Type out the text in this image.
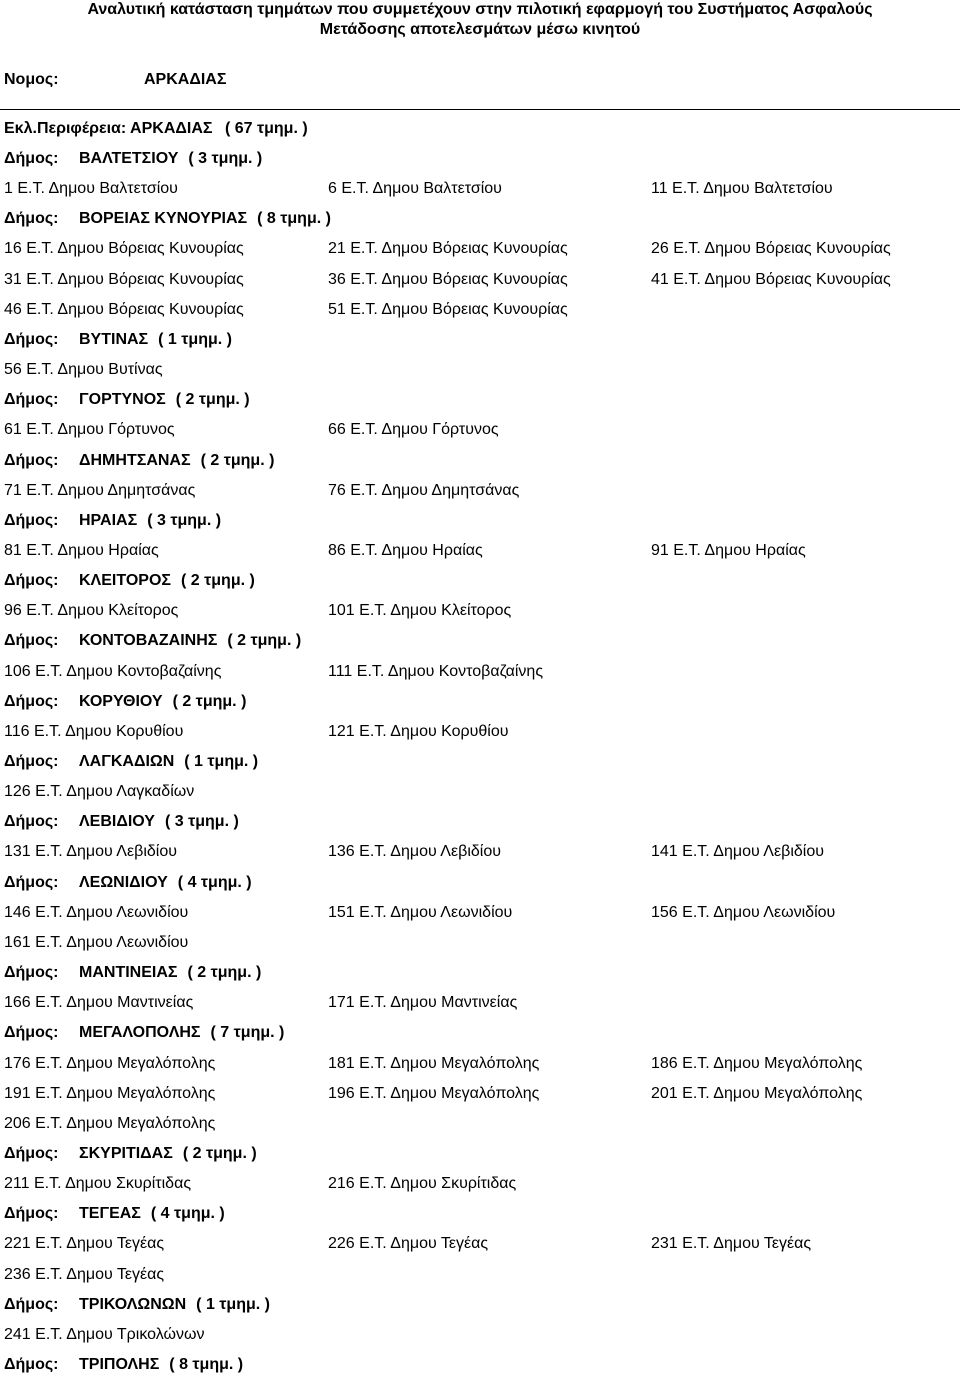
Αναλυτική κατάσταση τμημάτων που συμμετέχουν στην πιλοτική εφαρμογή του Συστήματος Ασφαλούς
Μετάδοσης αποτελεσμάτων μέσω κινητού
Νομος:	ΑΡΚΑΔΙΑΣ
Εκλ.Περιφέρεια: ΑΡΚΑΔΙΑΣ ( 67 τμημ. )
Δήμος: ΒΑΛΤΕΤΣΙΟΥ ( 3 τμημ. )
1 Ε.Τ. Δημου Βαλτετσίου	6 Ε.Τ. Δημου Βαλτετσίου	11 Ε.Τ. Δημου Βαλτετσίου
Δήμος: ΒΟΡΕΙΑΣ ΚΥΝΟΥΡΙΑΣ ( 8 τμημ. )
16 Ε.Τ. Δημου Βόρειας Κυνουρίας	21 Ε.Τ. Δημου Βόρειας Κυνουρίας	26 Ε.Τ. Δημου Βόρειας Κυνουρίας
31 Ε.Τ. Δημου Βόρειας Κυνουρίας	36 Ε.Τ. Δημου Βόρειας Κυνουρίας	41 Ε.Τ. Δημου Βόρειας Κυνουρίας
46 Ε.Τ. Δημου Βόρειας Κυνουρίας	51 Ε.Τ. Δημου Βόρειας Κυνουρίας
Δήμος: ΒΥΤΙΝΑΣ ( 1 τμημ. )
56 Ε.Τ. Δημου Βυτίνας
Δήμος: ΓΟΡΤΥΝΟΣ ( 2 τμημ. )
61 Ε.Τ. Δημου Γόρτυνος	66 Ε.Τ. Δημου Γόρτυνος
Δήμος: ΔΗΜΗΤΣΑΝΑΣ ( 2 τμημ. )
71 Ε.Τ. Δημου Δημητσάνας	76 Ε.Τ. Δημου Δημητσάνας
Δήμος: ΗΡΑΙΑΣ ( 3 τμημ. )
81 Ε.Τ. Δημου Ηραίας	86 Ε.Τ. Δημου Ηραίας	91 Ε.Τ. Δημου Ηραίας
Δήμος: ΚΛΕΙΤΟΡΟΣ ( 2 τμημ. )
96 Ε.Τ. Δημου Κλείτορος	101 Ε.Τ. Δημου Κλείτορος
Δήμος: ΚΟΝΤΟΒΑΖΑΙΝΗΣ ( 2 τμημ. )
106 Ε.Τ. Δημου Κοντοβαζαίνης	111 Ε.Τ. Δημου Κοντοβαζαίνης
Δήμος: ΚΟΡΥΘΙΟΥ ( 2 τμημ. )
116 Ε.Τ. Δημου Κορυθίου	121 Ε.Τ. Δημου Κορυθίου
Δήμος: ΛΑΓΚΑΔΙΩΝ ( 1 τμημ. )
126 Ε.Τ. Δημου Λαγκαδίων
Δήμος: ΛΕΒΙΔΙΟΥ ( 3 τμημ. )
131 Ε.Τ. Δημου Λεβιδίου	136 Ε.Τ. Δημου Λεβιδίου	141 Ε.Τ. Δημου Λεβιδίου
Δήμος: ΛΕΩΝΙΔΙΟΥ ( 4 τμημ. )
146 Ε.Τ. Δημου Λεωνιδίου	151 Ε.Τ. Δημου Λεωνιδίου	156 Ε.Τ. Δημου Λεωνιδίου
161 Ε.Τ. Δημου Λεωνιδίου
Δήμος: ΜΑΝΤΙΝΕΙΑΣ ( 2 τμημ. )
166 Ε.Τ. Δημου Μαντινείας	171 Ε.Τ. Δημου Μαντινείας
Δήμος: ΜΕΓΑΛΟΠΟΛΗΣ ( 7 τμημ. )
176 Ε.Τ. Δημου Μεγαλόπολης	181 Ε.Τ. Δημου Μεγαλόπολης	186 Ε.Τ. Δημου Μεγαλόπολης
191 Ε.Τ. Δημου Μεγαλόπολης	196 Ε.Τ. Δημου Μεγαλόπολης	201 Ε.Τ. Δημου Μεγαλόπολης
206 Ε.Τ. Δημου Μεγαλόπολης
Δήμος: ΣΚΥΡΙΤΙΔΑΣ ( 2 τμημ. )
211 Ε.Τ. Δημου Σκυρίτιδας	216 Ε.Τ. Δημου Σκυρίτιδας
Δήμος: ΤΕΓΕΑΣ ( 4 τμημ. )
221 Ε.Τ. Δημου Τεγέας	226 Ε.Τ. Δημου Τεγέας	231 Ε.Τ. Δημου Τεγέας
236 Ε.Τ. Δημου Τεγέας
Δήμος: ΤΡΙΚΟΛΩΝΩΝ ( 1 τμημ. )
241 Ε.Τ. Δημου Τρικολώνων
Δήμος: ΤΡΙΠΟΛΗΣ ( 8 τμημ. )
